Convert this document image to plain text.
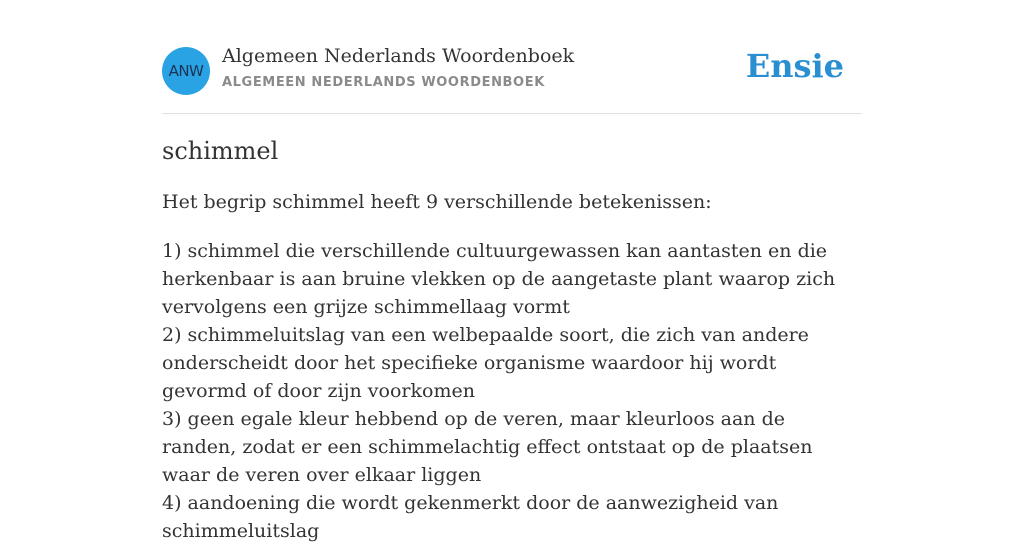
ANW
Algemeen Nederlands Woordenboek
ALGEMEEN NEDERLANDS WOORDENBOEK	Ensie
schimmel

Het begrip schimmel heeft 9 verschillende betekenissen:

1) schimmel die verschillende cultuurgewassen kan aantasten en die herkenbaar is aan bruine vlekken op de aangetaste plant waarop zich vervolgens een grijze schimmellaag vormt
2) schimmeluitslag van een welbepaalde soort, die zich van andere onderscheidt door het specifieke organisme waardoor hij wordt gevormd of door zijn voorkomen
3) geen egale kleur hebbend op de veren, maar kleurloos aan de randen, zodat er een schimmelachtig effect ontstaat op de plaatsen waar de veren over elkaar liggen
4) aandoening die wordt gekenmerkt door de aanwezigheid van schimmeluitslag
